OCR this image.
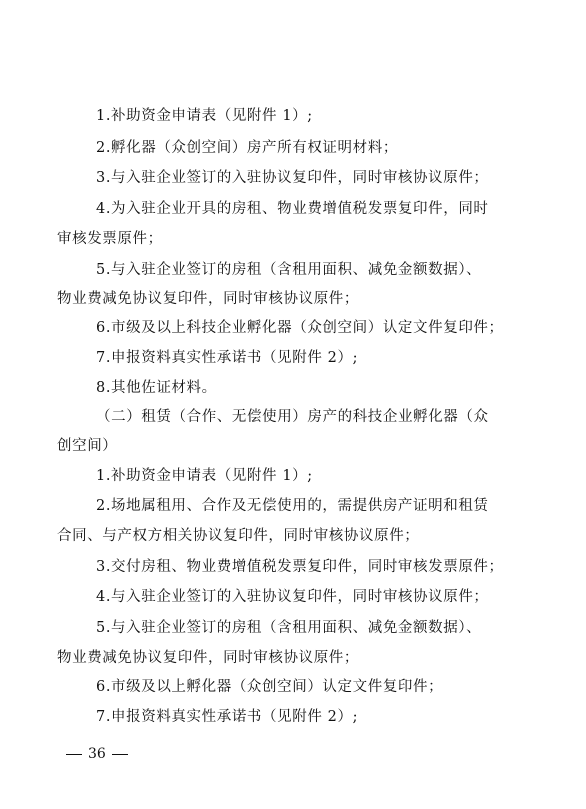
1.补助资金申请表（见附件 1）;
2.孵化器（众创空间）房产所有权证明材料；
3.与入驻企业签订的入驻协议复印件，同时审核协议原件；
4.为入驻企业开具的房租、物业费增值税发票复印件，同时
审核发票原件；
5.与入驻企业签订的房租（含租用面积、减免金额数据）、
物业费减免协议复印件，同时审核协议原件；
6.市级及以上科技企业孵化器（众创空间）认定文件复印件；
7.申报资料真实性承诺书（见附件 2）;
8.其他佐证材料。
（二）租赁（合作、无偿使用）房产的科技企业孵化器（众
创空间）
1.补助资金申请表（见附件 1）;
2.场地属租用、合作及无偿使用的，需提供房产证明和租赁
合同、与产权方相关协议复印件，同时审核协议原件；
3.交付房租、物业费增值税发票复印件，同时审核发票原件；
4.与入驻企业签订的入驻协议复印件，同时审核协议原件；
5.与入驻企业签订的房租（含租用面积、减免金额数据）、
物业费减免协议复印件，同时审核协议原件；
6.市级及以上孵化器（众创空间）认定文件复印件；
7.申报资料真实性承诺书（见附件 2）;
36
